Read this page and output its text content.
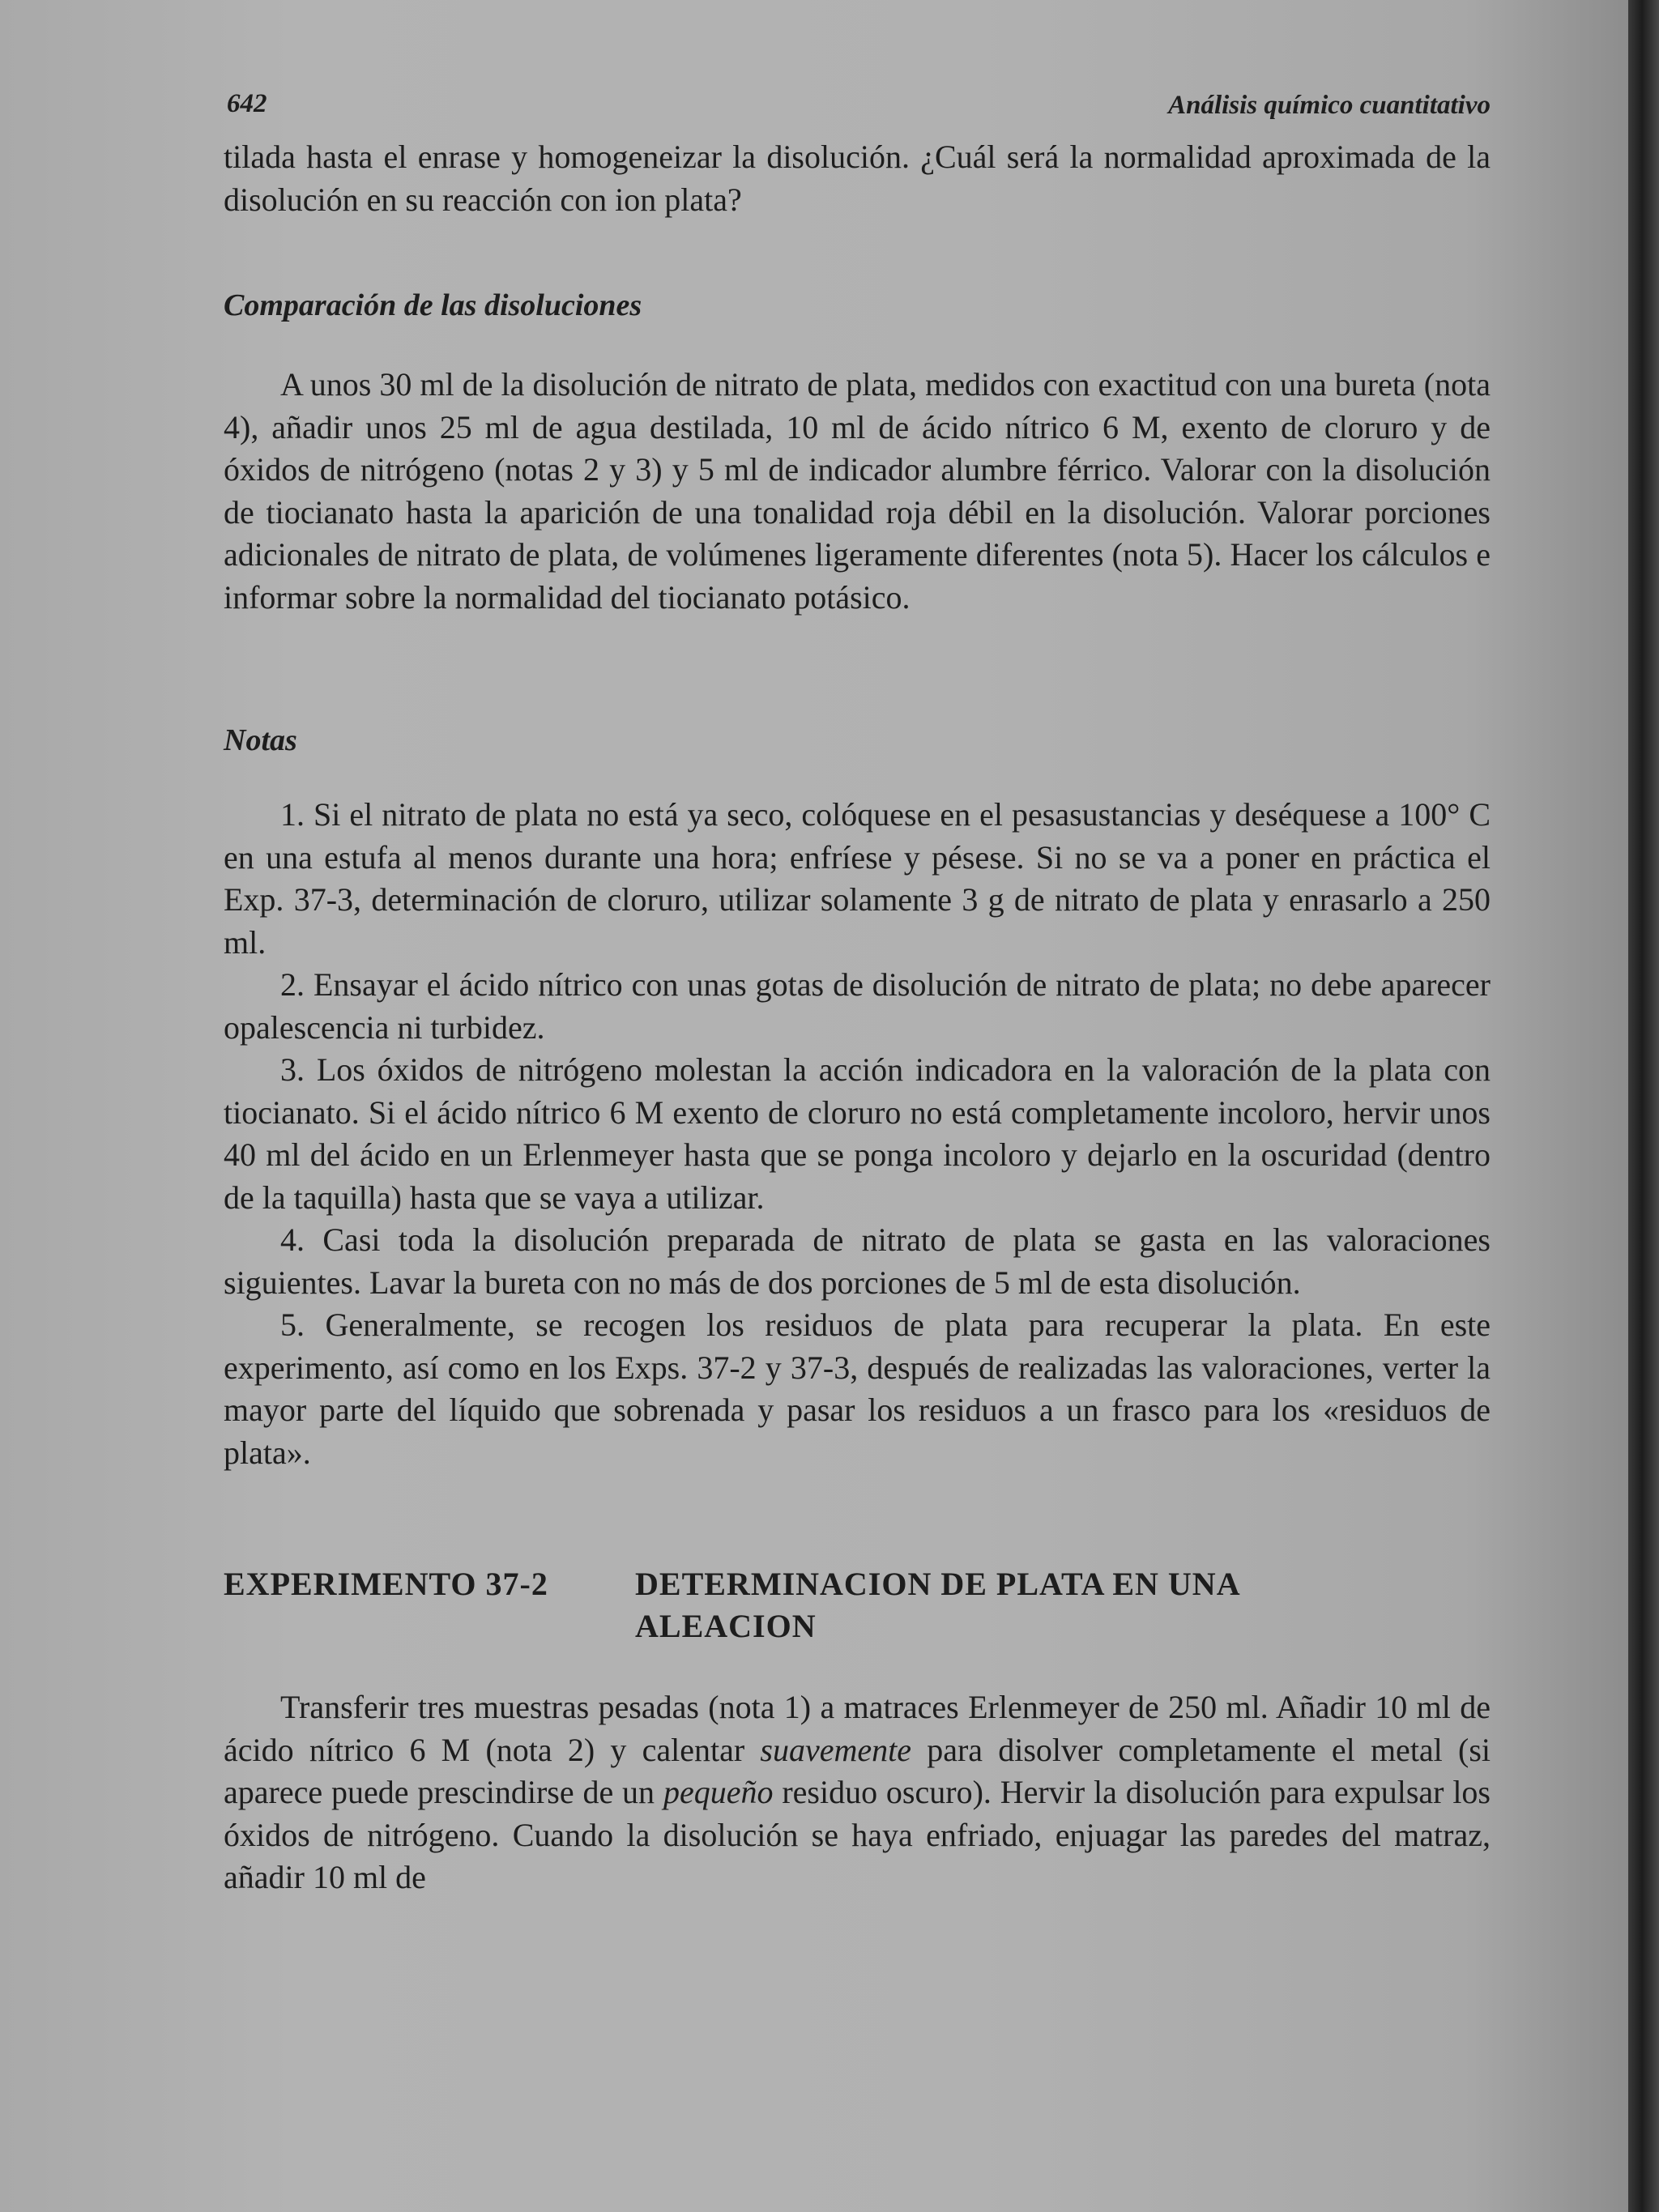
642	Análisis químico cuantitativo

tilada hasta el enrase y homogeneizar la disolución. ¿Cuál será la normalidad aproximada de la disolución en su reacción con ion plata?

Comparación de las disoluciones

A unos 30 ml de la disolución de nitrato de plata, medidos con exactitud con una bureta (nota 4), añadir unos 25 ml de agua destilada, 10 ml de ácido nítrico 6 M, exento de cloruro y de óxidos de nitrógeno (notas 2 y 3) y 5 ml de indicador alumbre férrico. Valorar con la disolución de tiocianato hasta la aparición de una tonalidad roja débil en la disolución. Valorar porciones adicionales de nitrato de plata, de volúmenes ligeramente diferentes (nota 5). Hacer los cálculos e informar sobre la normalidad del tiocianato potásico.

Notas

1. Si el nitrato de plata no está ya seco, colóquese en el pesasustancias y deséquese a 100° C en una estufa al menos durante una hora; enfríese y pésese. Si no se va a poner en práctica el Exp. 37-3, determinación de cloruro, utilizar solamente 3 g de nitrato de plata y enrasarlo a 250 ml.

2. Ensayar el ácido nítrico con unas gotas de disolución de nitrato de plata; no debe aparecer opalescencia ni turbidez.

3. Los óxidos de nitrógeno molestan la acción indicadora en la valoración de la plata con tiocianato. Si el ácido nítrico 6 M exento de cloruro no está completamente incoloro, hervir unos 40 ml del ácido en un Erlenmeyer hasta que se ponga incoloro y dejarlo en la oscuridad (dentro de la taquilla) hasta que se vaya a utilizar.

4. Casi toda la disolución preparada de nitrato de plata se gasta en las valoraciones siguientes. Lavar la bureta con no más de dos porciones de 5 ml de esta disolución.

5. Generalmente, se recogen los residuos de plata para recuperar la plata. En este experimento, así como en los Exps. 37-2 y 37-3, después de realizadas las valoraciones, verter la mayor parte del líquido que sobrenada y pasar los residuos a un frasco para los «residuos de plata».

EXPERIMENTO 37-2	DETERMINACION DE PLATA EN UNA ALEACION

Transferir tres muestras pesadas (nota 1) a matraces Erlenmeyer de 250 ml. Añadir 10 ml de ácido nítrico 6 M (nota 2) y calentar suavemente para disolver completamente el metal (si aparece puede prescindirse de un pequeño residuo oscuro). Hervir la disolución para expulsar los óxidos de nitrógeno. Cuando la disolución se haya enfriado, enjuagar las paredes del matraz, añadir 10 ml de
